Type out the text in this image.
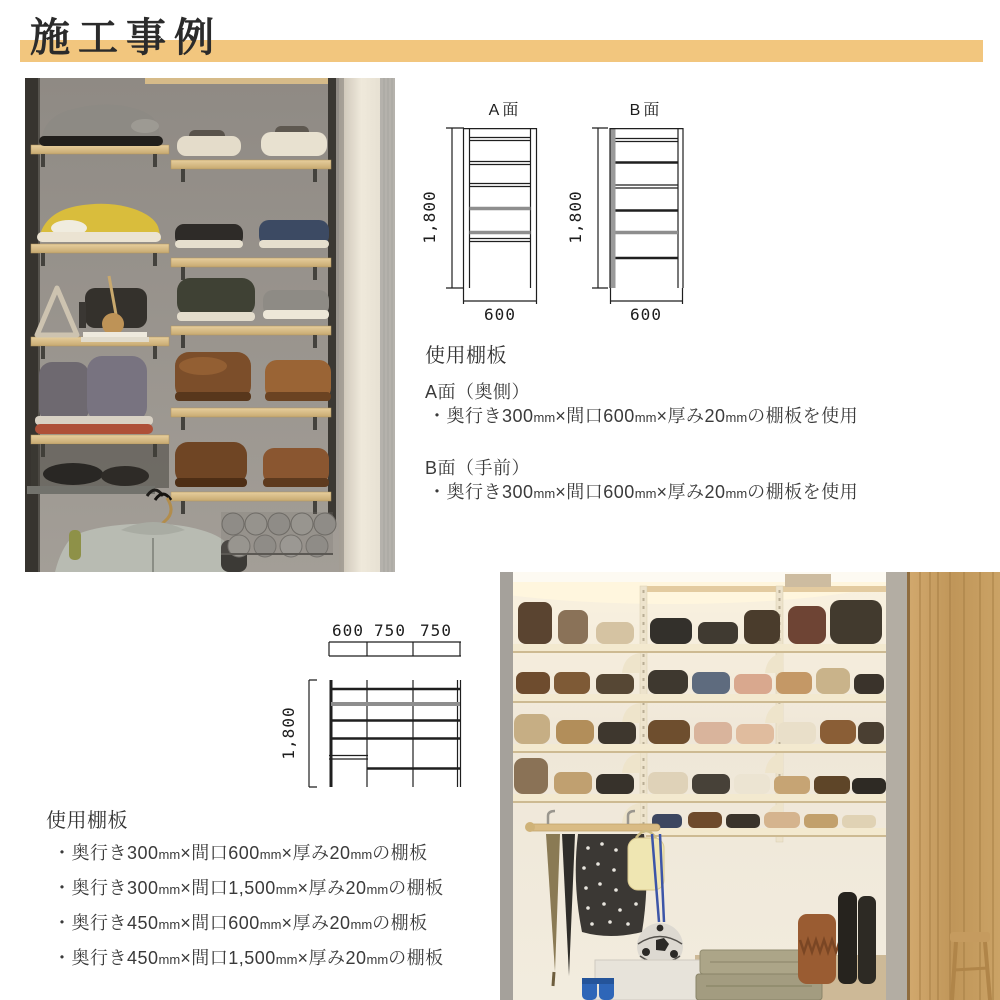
施工事例
A面
1,800
600
B面
1,800
600
使用棚板
A面（奥側）

・奥行き300mm×間口600mm×厚み20mmの棚板を使用

B面（手前）

・奥行き300mm×間口600mm×厚み20mmの棚板を使用

600 750 750
1,800
使用棚板

・奥行き300mm×間口600mm×厚み20mmの棚板

・奥行き300mm×間口1,500mm×厚み20mmの棚板

・奥行き450mm×間口600mm×厚み20mmの棚板

・奥行き450mm×間口1,500mm×厚み20mmの棚板
